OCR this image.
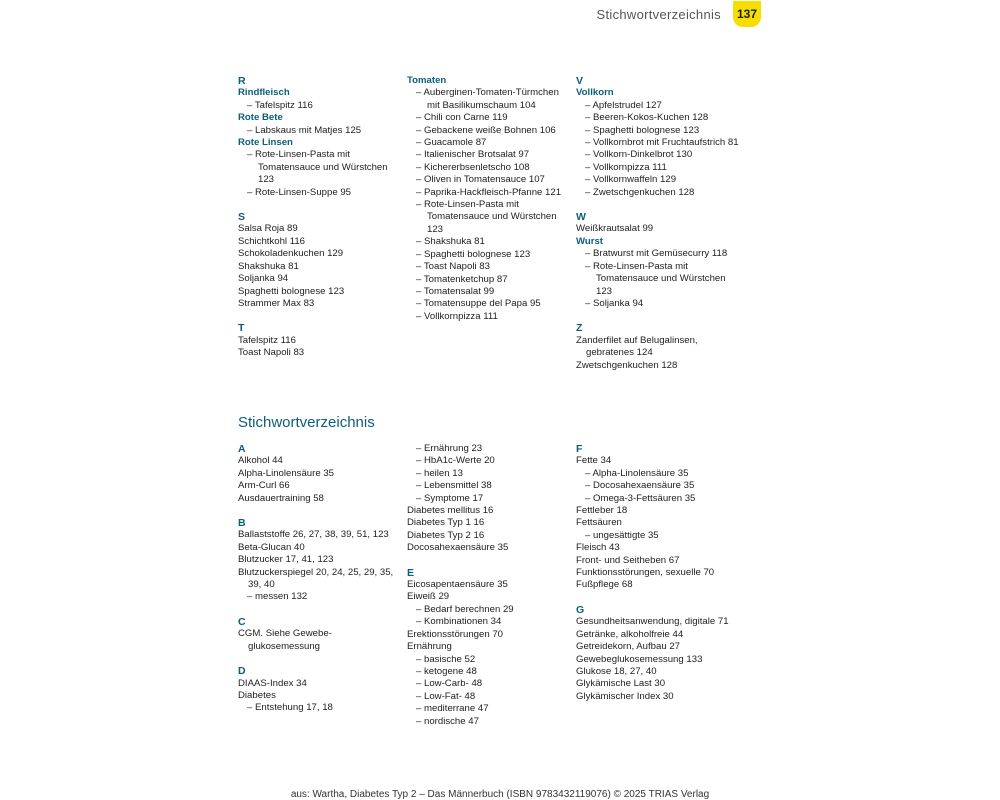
Stichwortverzeichnis	137
R
Rindfleisch
– Tafelspitz 116
Rote Bete
– Labskaus mit Matjes 125
Rote Linsen
– Rote-Linsen-Pasta mit Tomatensauce und Würstchen 123
– Rote-Linsen-Suppe 95
S
Salsa Roja 89
Schichtkohl 116
Schokoladenkuchen 129
Shakshuka 81
Soljanka 94
Spaghetti bolognese 123
Strammer Max 83
T
Tafelspitz 116
Toast Napoli 83
Tomaten
– Auberginen-Tomaten-Türmchen mit Basilikumschaum 104
– Chili con Carne 119
– Gebackene weiße Bohnen 106
– Guacamole 87
– Italienischer Brotsalat 97
– Kichererbsenletscho 108
– Oliven in Tomatensauce 107
– Paprika-Hackfleisch-Pfanne 121
– Rote-Linsen-Pasta mit Tomatensauce und Würstchen 123
– Shakshuka 81
– Spaghetti bolognese 123
– Toast Napoli 83
– Tomatenketchup 87
– Tomatensalat 99
– Tomatensuppe del Papa 95
– Vollkornpizza 111
V
Vollkorn
– Apfelstrudel 127
– Beeren-Kokos-Kuchen 128
– Spaghetti bolognese 123
– Vollkornbrot mit Fruchtaufstrich 81
– Vollkorn-Dinkelbrot 130
– Vollkornpizza 111
– Vollkornwaffeln 129
– Zwetschgenkuchen 128
W
Weißkrautsalat 99
Wurst
– Bratwurst mit Gemüsecurry 118
– Rote-Linsen-Pasta mit Tomatensauce und Würstchen 123
– Soljanka 94
Z
Zanderfilet auf Belugalinsen, gebratenes 124
Zwetschgenkuchen 128
Stichwortverzeichnis
A
Alkohol 44
Alpha-Linolensäure 35
Arm-Curl 66
Ausdauertraining 58
B
Ballaststoffe 26, 27, 38, 39, 51, 123
Beta-Glucan 40
Blutzucker 17, 41, 123
Blutzuckerspiegel 20, 24, 25, 29, 35, 39, 40
– messen 132
C
CGM. Siehe Gewebe-glukosemessung
D
DIAAS-Index 34
Diabetes
– Entstehung 17, 18
– Ernährung 23
– HbA1c-Werte 20
– heilen 13
– Lebensmittel 38
– Symptome 17
Diabetes mellitus 16
Diabetes Typ 1 16
Diabetes Typ 2 16
Docosahexaensäure 35
E
Eicosapentaensäure 35
Eiweiß 29
– Bedarf berechnen 29
– Kombinationen 34
Erektionsstörungen 70
Ernährung
– basische 52
– ketogene 48
– Low-Carb- 48
– Low-Fat- 48
– mediterrane 47
– nordische 47
F
Fette 34
– Alpha-Linolensäure 35
– Docosahexaensäure 35
– Omega-3-Fettsäuren 35
Fettleber 18
Fettsäuren
– ungesättigte 35
Fleisch 43
Front- und Seitheben 67
Funktionsstörungen, sexuelle 70
Fußpflege 68
G
Gesundheitsanwendung, digitale 71
Getränke, alkoholfreie 44
Getreidekorn, Aufbau 27
Gewebeglukosemessung 133
Glukose 18, 27, 40
Glykämische Last 30
Glykämischer Index 30
aus: Wartha, Diabetes Typ 2 – Das Männerbuch (ISBN 9783432119076) © 2025 TRIAS Verlag
